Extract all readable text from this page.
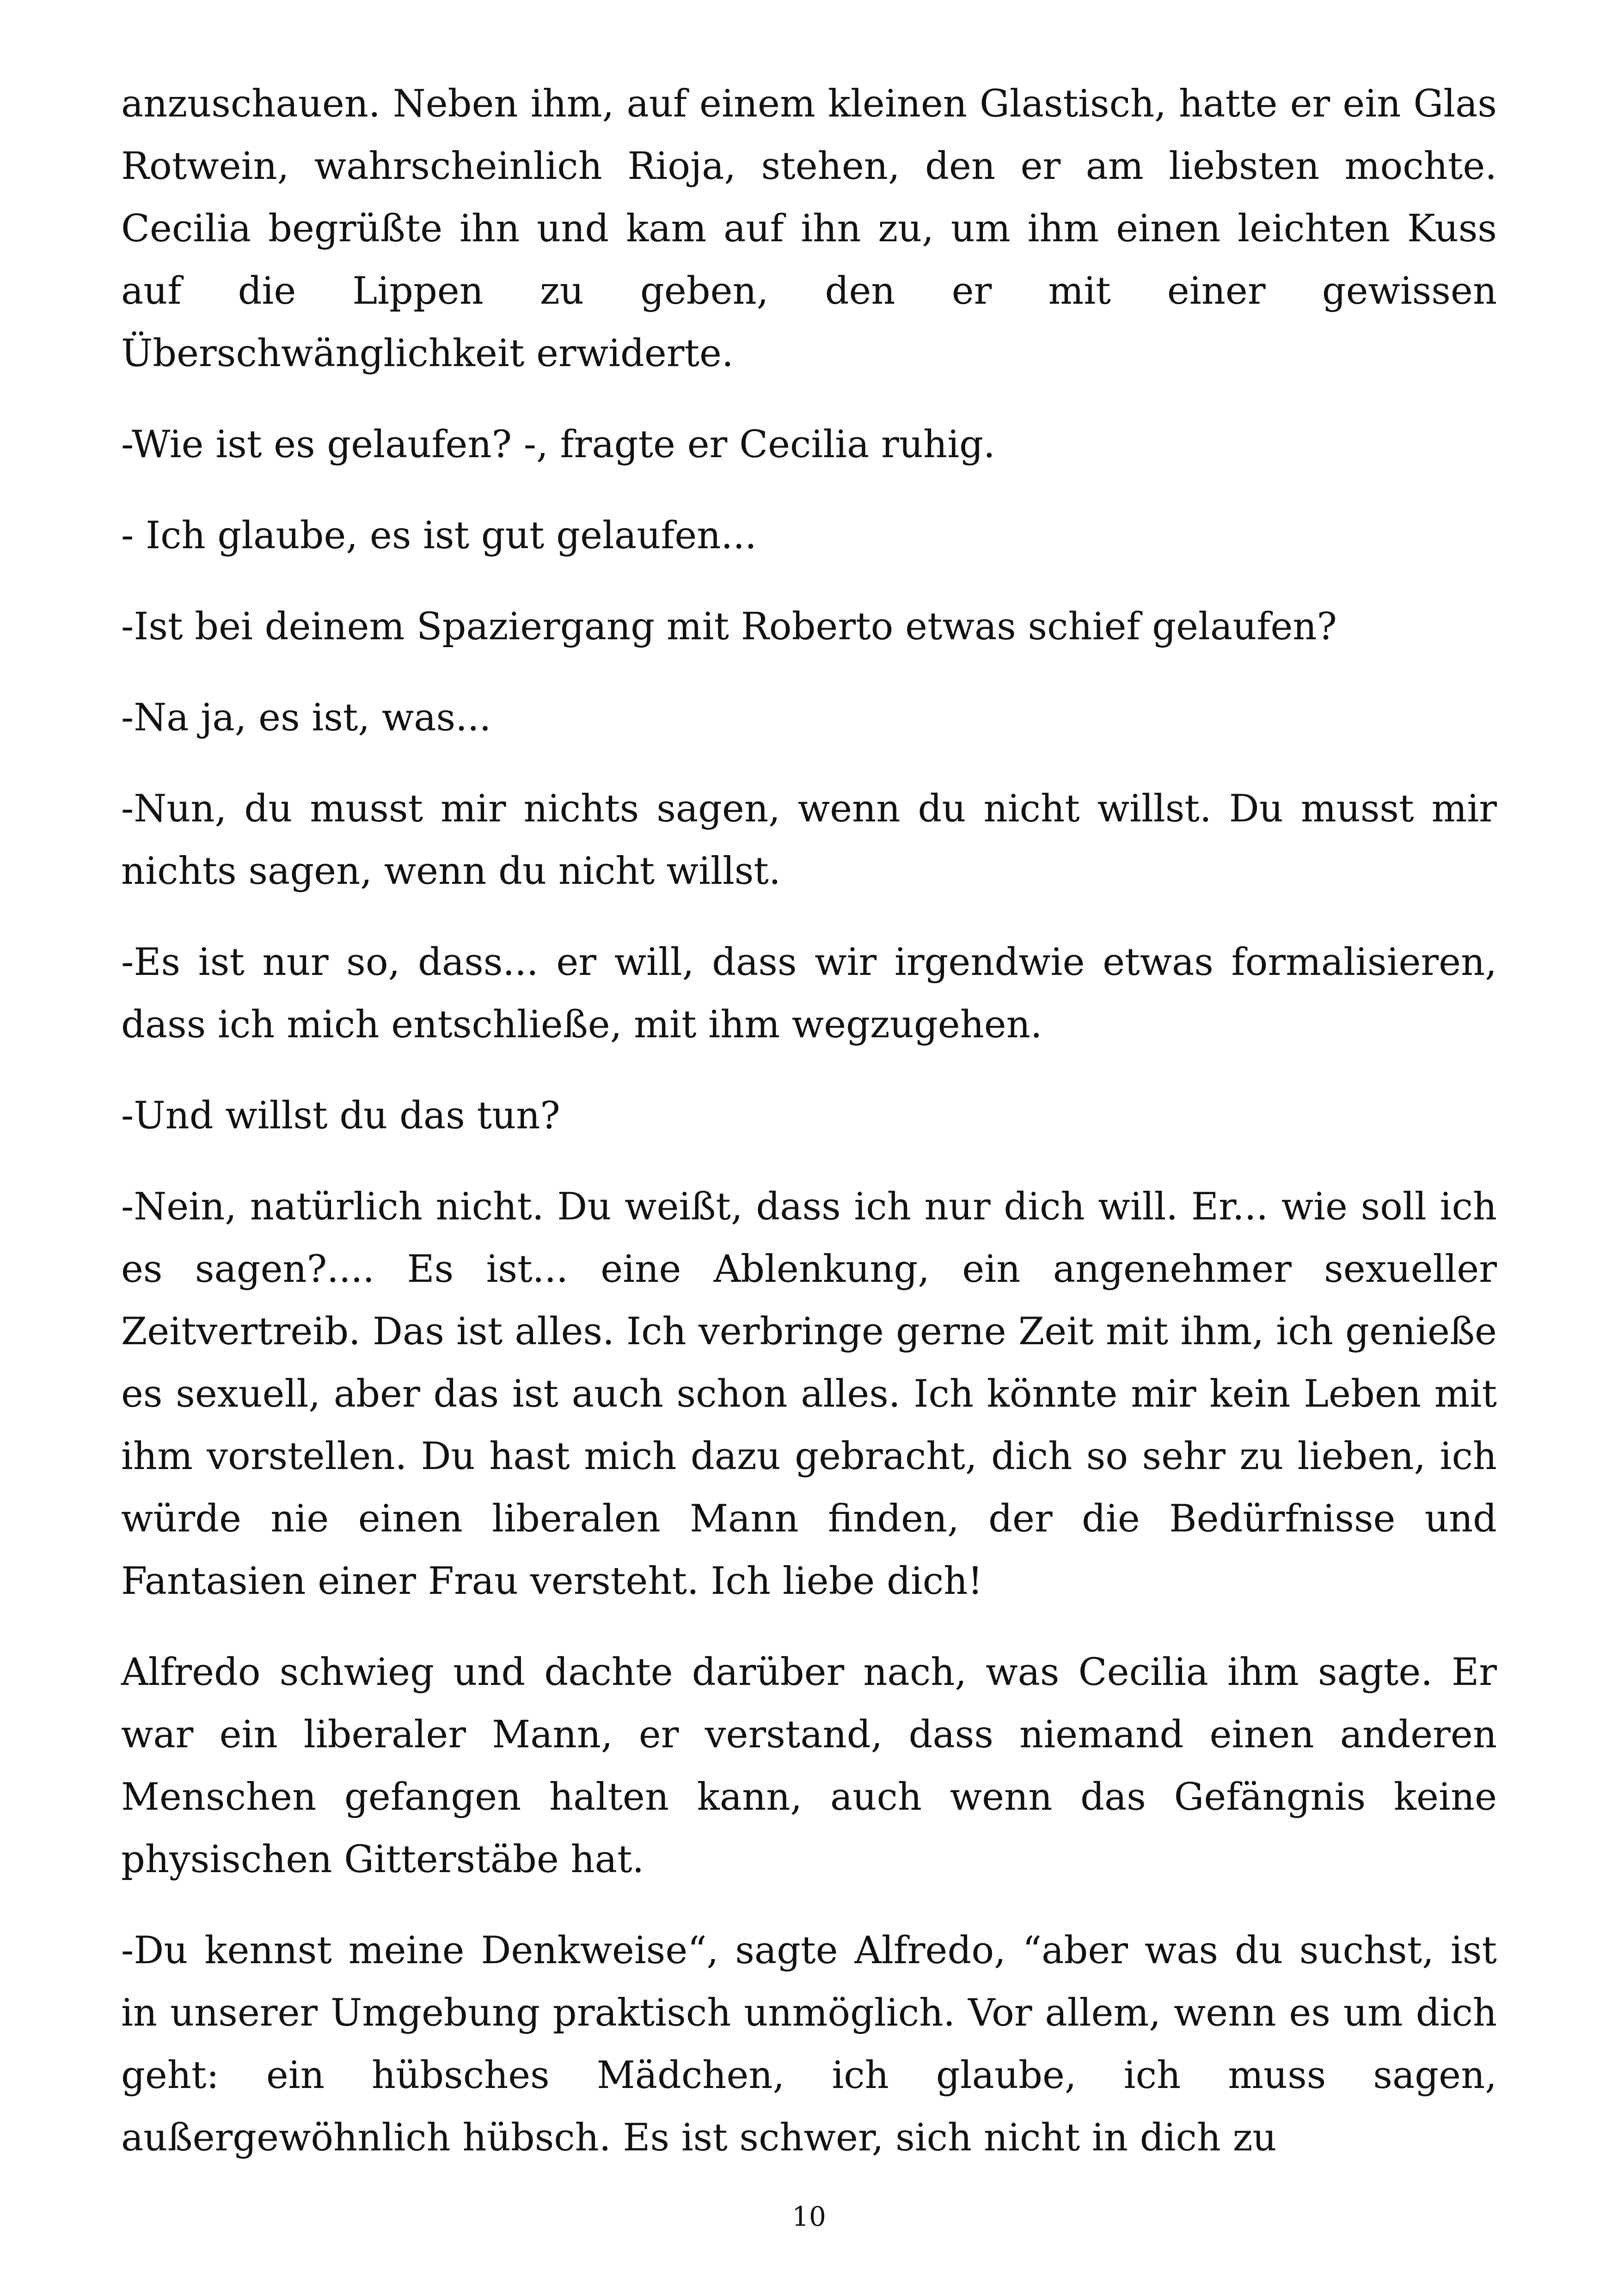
anzuschauen. Neben ihm, auf einem kleinen Glastisch, hatte er ein Glas Rotwein, wahrscheinlich Rioja, stehen, den er am liebsten mochte. Cecilia begrüßte ihn und kam auf ihn zu, um ihm einen leichten Kuss auf die Lippen zu geben, den er mit einer gewissen Überschwänglichkeit erwiderte.

-Wie ist es gelaufen? -, fragte er Cecilia ruhig.

- Ich glaube, es ist gut gelaufen...

-Ist bei deinem Spaziergang mit Roberto etwas schief gelaufen?

-Na ja, es ist, was...

-Nun, du musst mir nichts sagen, wenn du nicht willst. Du musst mir nichts sagen, wenn du nicht willst.

-Es ist nur so, dass... er will, dass wir irgendwie etwas formalisieren, dass ich mich entschließe, mit ihm wegzugehen.

-Und willst du das tun?

-Nein, natürlich nicht. Du weißt, dass ich nur dich will. Er... wie soll ich es sagen?.... Es ist... eine Ablenkung, ein angenehmer sexueller Zeitvertreib. Das ist alles. Ich verbringe gerne Zeit mit ihm, ich genieße es sexuell, aber das ist auch schon alles. Ich könnte mir kein Leben mit ihm vorstellen. Du hast mich dazu gebracht, dich so sehr zu lieben, ich würde nie einen liberalen Mann finden, der die Bedürfnisse und Fantasien einer Frau versteht. Ich liebe dich!

Alfredo schwieg und dachte darüber nach, was Cecilia ihm sagte. Er war ein liberaler Mann, er verstand, dass niemand einen anderen Menschen gefangen halten kann, auch wenn das Gefängnis keine physischen Gitterstäbe hat.

-Du kennst meine Denkweise“, sagte Alfredo, “aber was du suchst, ist in unserer Umgebung praktisch unmöglich. Vor allem, wenn es um dich geht: ein hübsches Mädchen, ich glaube, ich muss sagen, außergewöhnlich hübsch. Es ist schwer, sich nicht in dich zu

10
